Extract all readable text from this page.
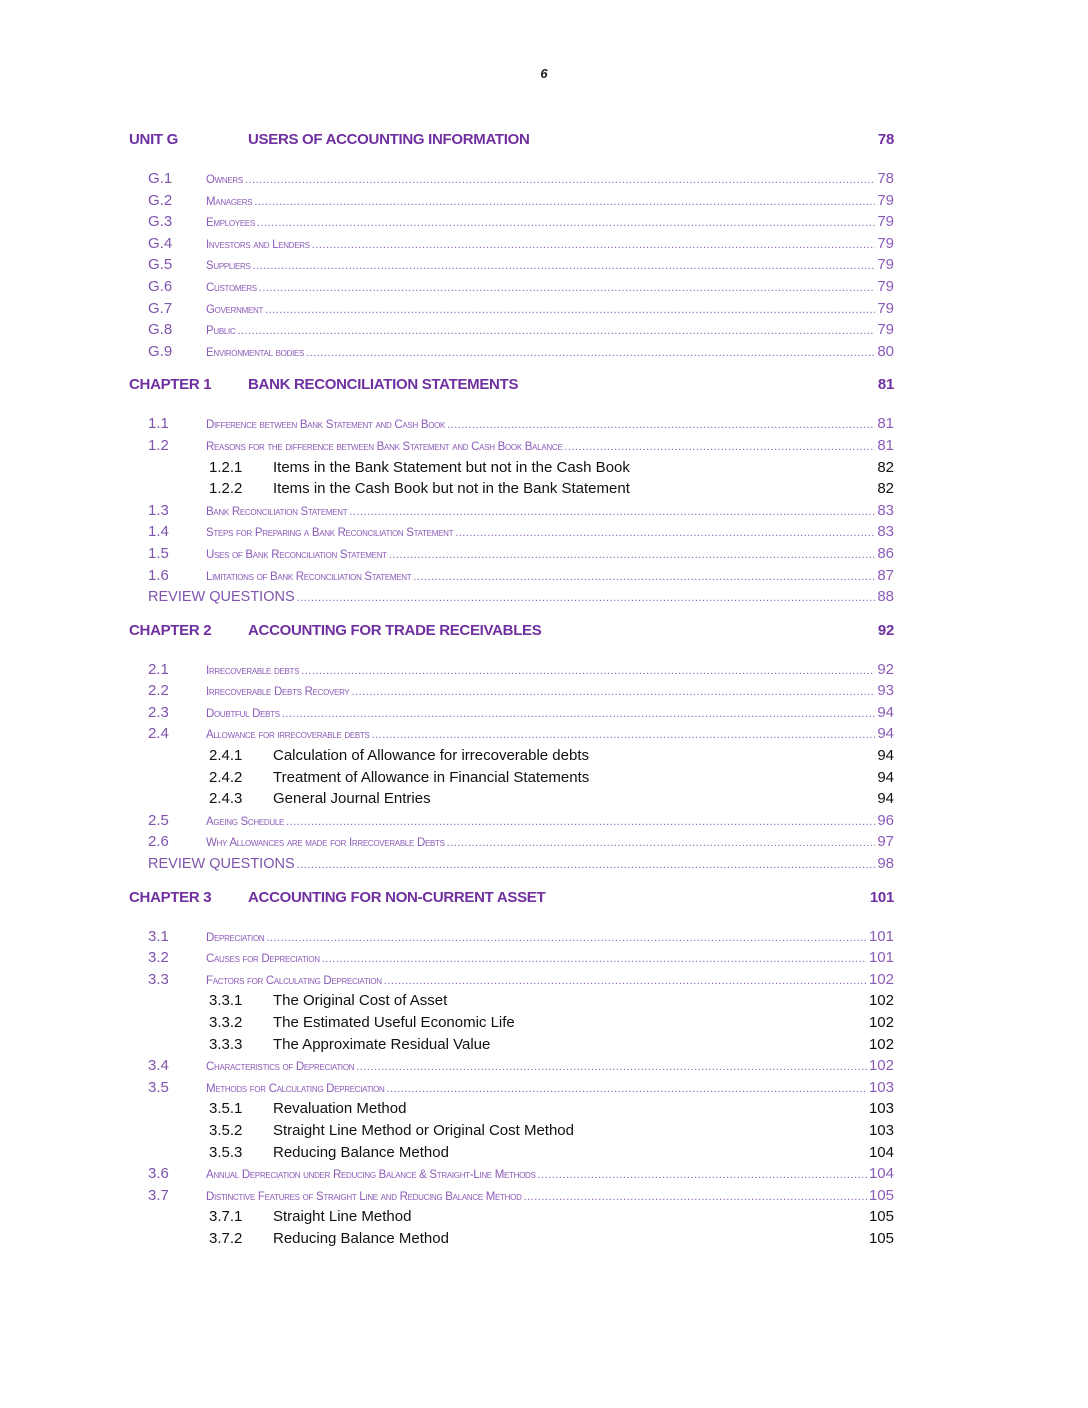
6
UNIT G	USERS OF ACCOUNTING INFORMATION	78
G.1	Owners .....	78
G.2	Managers .....	79
G.3	Employees .....	79
G.4	Investors and Lenders .....	79
G.5	Suppliers .....	79
G.6	Customers .....	79
G.7	Government .....	79
G.8	Public .....	79
G.9	Environmental bodies .....	80
CHAPTER 1	BANK RECONCILIATION STATEMENTS	81
1.1	Difference between Bank Statement and Cash Book .....	81
1.2	Reasons for the difference between Bank Statement and Cash Book Balance .....	81
1.2.1	Items in the Bank Statement but not in the Cash Book	82
1.2.2	Items in the Cash Book but not in the Bank Statement	82
1.3	Bank Reconciliation Statement .....	83
1.4	Steps for Preparing a Bank Reconciliation Statement .....	83
1.5	Uses of Bank Reconciliation Statement .....	86
1.6	Limitations of Bank Reconciliation Statement .....	87
REVIEW QUESTIONS .....	88
CHAPTER 2	ACCOUNTING FOR TRADE RECEIVABLES	92
2.1	Irrecoverable debts .....	92
2.2	Irrecoverable Debts Recovery .....	93
2.3	Doubtful Debts .....	94
2.4	Allowance for irrecoverable debts .....	94
2.4.1	Calculation of Allowance for irrecoverable debts	94
2.4.2	Treatment of Allowance in Financial Statements	94
2.4.3	General Journal Entries	94
2.5	Ageing Schedule .....	96
2.6	Why Allowances are made for Irrecoverable Debts .....	97
REVIEW QUESTIONS .....	98
CHAPTER 3	ACCOUNTING FOR NON-CURRENT ASSET	101
3.1	Depreciation .....	101
3.2	Causes for Depreciation .....	101
3.3	Factors for Calculating Depreciation .....	102
3.3.1	The Original Cost of Asset	102
3.3.2	The Estimated Useful Economic Life	102
3.3.3	The Approximate Residual Value	102
3.4	Characteristics of Depreciation .....	102
3.5	Methods for Calculating Depreciation .....	103
3.5.1	Revaluation Method	103
3.5.2	Straight Line Method or Original Cost Method	103
3.5.3	Reducing Balance Method	104
3.6	Annual Depreciation under Reducing Balance & Straight-Line Methods .....	104
3.7	Distinctive Features of Straight Line and Reducing Balance Method .....	105
3.7.1	Straight Line Method	105
3.7.2	Reducing Balance Method	105
